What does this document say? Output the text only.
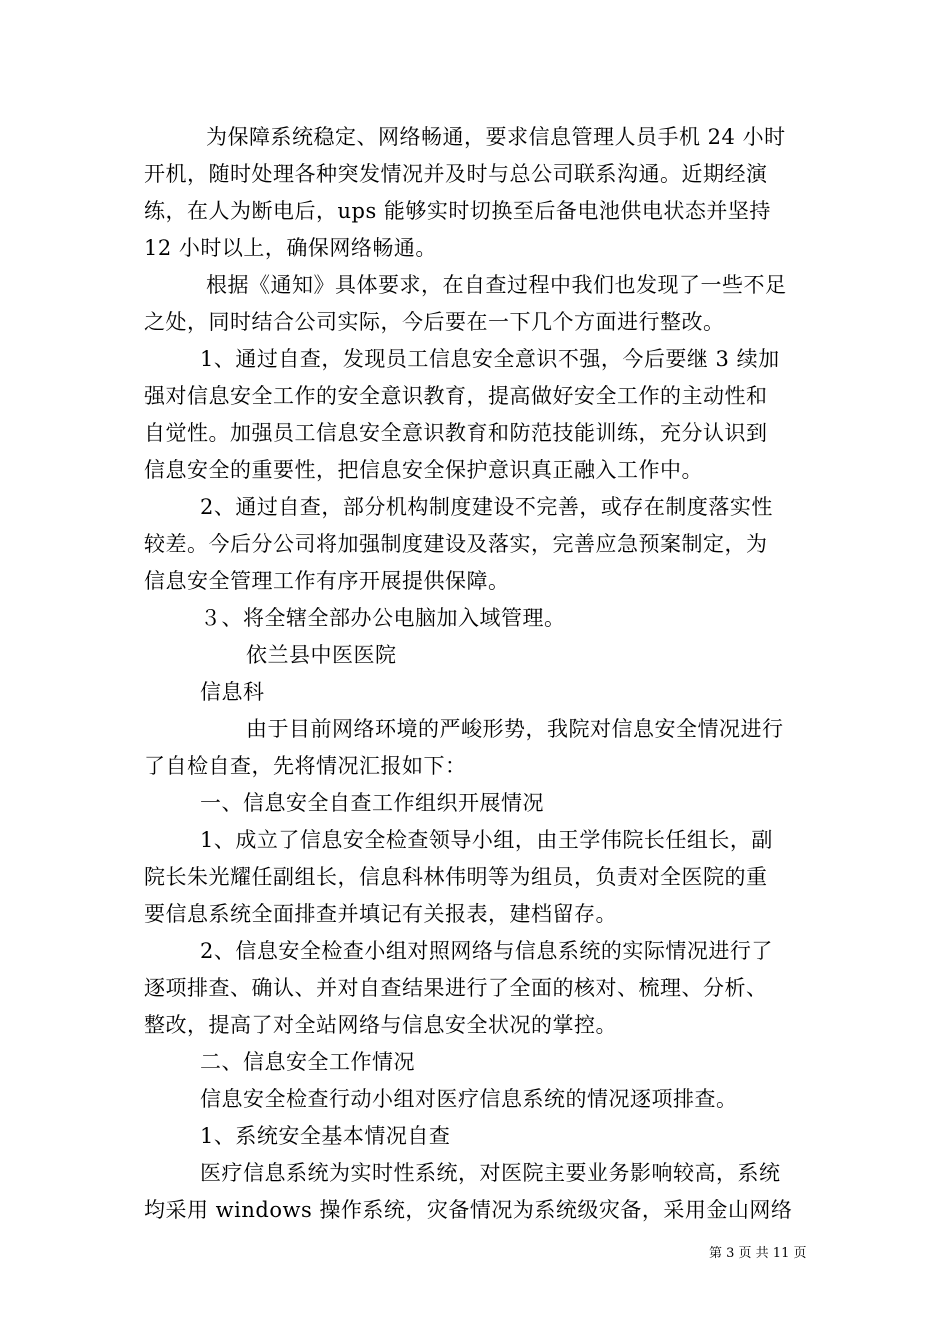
为保障系统稳定、网络畅通，要求信息管理人员手机 24 小时
开机，随时处理各种突发情况并及时与总公司联系沟通。近期经演
练，在人为断电后，ups 能够实时切换至后备电池供电状态并坚持
12 小时以上，确保网络畅通。
根据《通知》具体要求，在自查过程中我们也发现了一些不足
之处，同时结合公司实际，今后要在一下几个方面进行整改。
1、通过自查，发现员工信息安全意识不强，今后要继 3 续加
强对信息安全工作的安全意识教育，提高做好安全工作的主动性和
自觉性。加强员工信息安全意识教育和防范技能训练，充分认识到
信息安全的重要性，把信息安全保护意识真正融入工作中。
2、通过自查，部分机构制度建设不完善，或存在制度落实性
较差。今后分公司将加强制度建设及落实，完善应急预案制定，为
信息安全管理工作有序开展提供保障。
３、将全辖全部办公电脑加入域管理。
依兰县中医医院
信息科
由于目前网络环境的严峻形势，我院对信息安全情况进行
了自检自查，先将情况汇报如下：
一、信息安全自查工作组织开展情况
1、成立了信息安全检查领导小组，由王学伟院长任组长，副
院长朱光耀任副组长，信息科林伟明等为组员，负责对全医院的重
要信息系统全面排查并填记有关报表，建档留存。
2、信息安全检查小组对照网络与信息系统的实际情况进行了
逐项排查、确认、并对自查结果进行了全面的核对、梳理、分析、
整改，提高了对全站网络与信息安全状况的掌控。
二、信息安全工作情况
信息安全检查行动小组对医疗信息系统的情况逐项排查。
1、系统安全基本情况自查
医疗信息系统为实时性系统，对医院主要业务影响较高，系统
均采用 windows 操作系统，灾备情况为系统级灾备，采用金山网络
第 3 页 共 11 页
